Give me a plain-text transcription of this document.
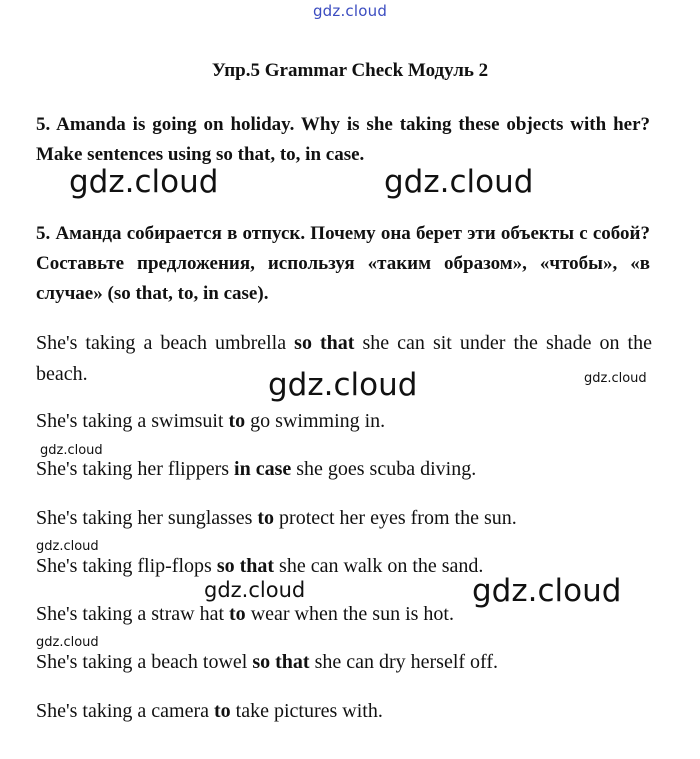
gdz.cloud
Упр.5 Grammar Check Модуль 2
5. Amanda is going on holiday. Why is she taking these objects with her? Make sentences using so that, to, in case.
gdz.cloud	gdz.cloud
5. Аманда собирается в отпуск. Почему она берет эти объекты с собой? Составьте предложения, используя «таким образом», «чтобы», «в случае» (so that, to, in case).
gdz.cloud	gdz.cloud
She's taking a beach umbrella so that she can sit under the shade on the beach.
She's taking a swimsuit to go swimming in.
gdz.cloud
She's taking her flippers in case she goes scuba diving.
She's taking her sunglasses to protect her eyes from the sun.
gdz.cloud
She's taking flip-flops so that she can walk on the sand.
gdz.cloud	gdz.cloud
She's taking a straw hat to wear when the sun is hot.
gdz.cloud
She's taking a beach towel so that she can dry herself off.
She's taking a camera to take pictures with.
